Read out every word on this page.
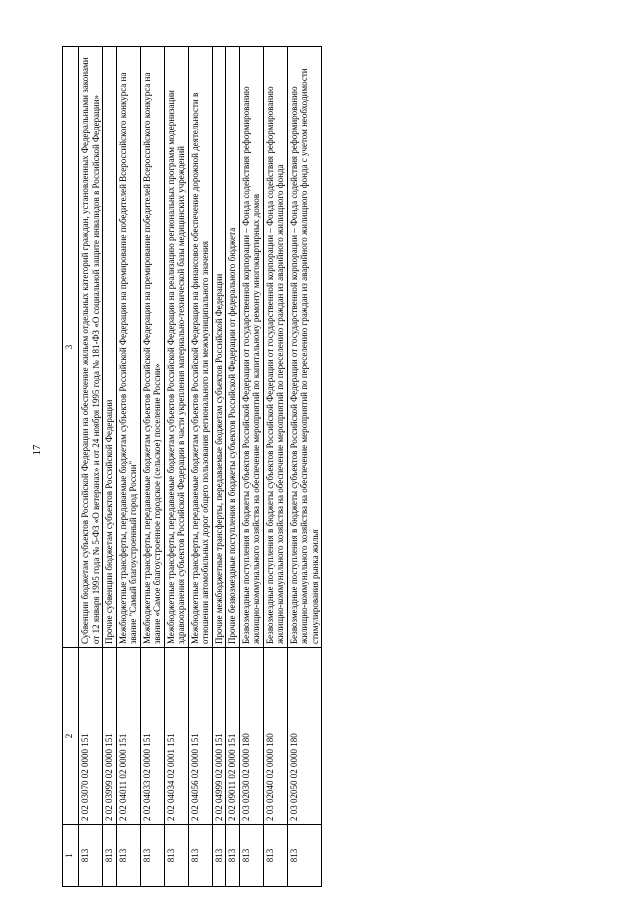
17
1	2	3
813	2 02 03070 02 0000 151	Субвенции бюджетам субъектов Российской Федерации на обеспечение жильем отдельных категорий граждан, установленных Федеральными законами от 12 января 1995 года № 5-ФЗ «О ветеранах» и от 24 ноября 1995 года № 181-ФЗ «О социальной защите инвалидов в Российской Федерации»
813	2 02 03999 02 0000 151	Прочие субвенции бюджетам субъектов Российской Федерации
813	2 02 04011 02 0000 151	Межбюджетные трансферты, передаваемые бюджетам субъектов Российской Федерации на премирование победителей Всероссийского конкурса на звание "Самый благоустроенный город России"
813	2 02 04033 02 0000 151	Межбюджетные трансферты, передаваемые бюджетам субъектов Российской Федерации на премирование победителей Всероссийского конкурса на звание «Самое благоустроенное городское (сельское) поселение России»
813	2 02 04034 02 0001 151	Межбюджетные трансферты, передаваемые бюджетам субъектов Российской Федерации на реализацию региональных программ модернизации здравоохранения субъектов Российской Федерации в части укрепления материально-технической базы медицинских учреждений
813	2 02 04056 02 0000 151	Межбюджетные трансферты, передаваемые бюджетам субъектов Российской Федерации на финансовое обеспечение дорожной деятельности в отношении автомобильных дорог общего пользования регионального или межмуниципального значения
813	2 02 04999 02 0000 151	Прочие межбюджетные трансферты, передаваемые бюджетам субъектов Российской Федерации
813	2 02 09011 02 0000 151	Прочие безвозмездные поступления в бюджеты субъектов Российской Федерации от федерального бюджета
813	2 03 02030 02 0000 180	Безвозмездные поступления в бюджеты субъектов Российской Федерации от государственной корпорации – Фонда содействия реформированию жилищно-коммунального хозяйства на обеспечение мероприятий по капитальному ремонту многоквартирных домов
813	2 03 02040 02 0000 180	Безвозмездные поступления в бюджеты субъектов Российской Федерации от государственной корпорации – Фонда содействия реформированию жилищно-коммунального хозяйства на обеспечение мероприятий по переселению граждан из аварийного жилищного фонда
813	2 03 02050 02 0000 180	Безвозмездные поступления в бюджеты субъектов Российской Федерации от государственной корпорации – Фонда содействия реформированию жилищно-коммунального хозяйства на обеспечение мероприятий по переселению граждан из аварийного жилищного фонда с учетом необходимости стимулирования рынка жилья
